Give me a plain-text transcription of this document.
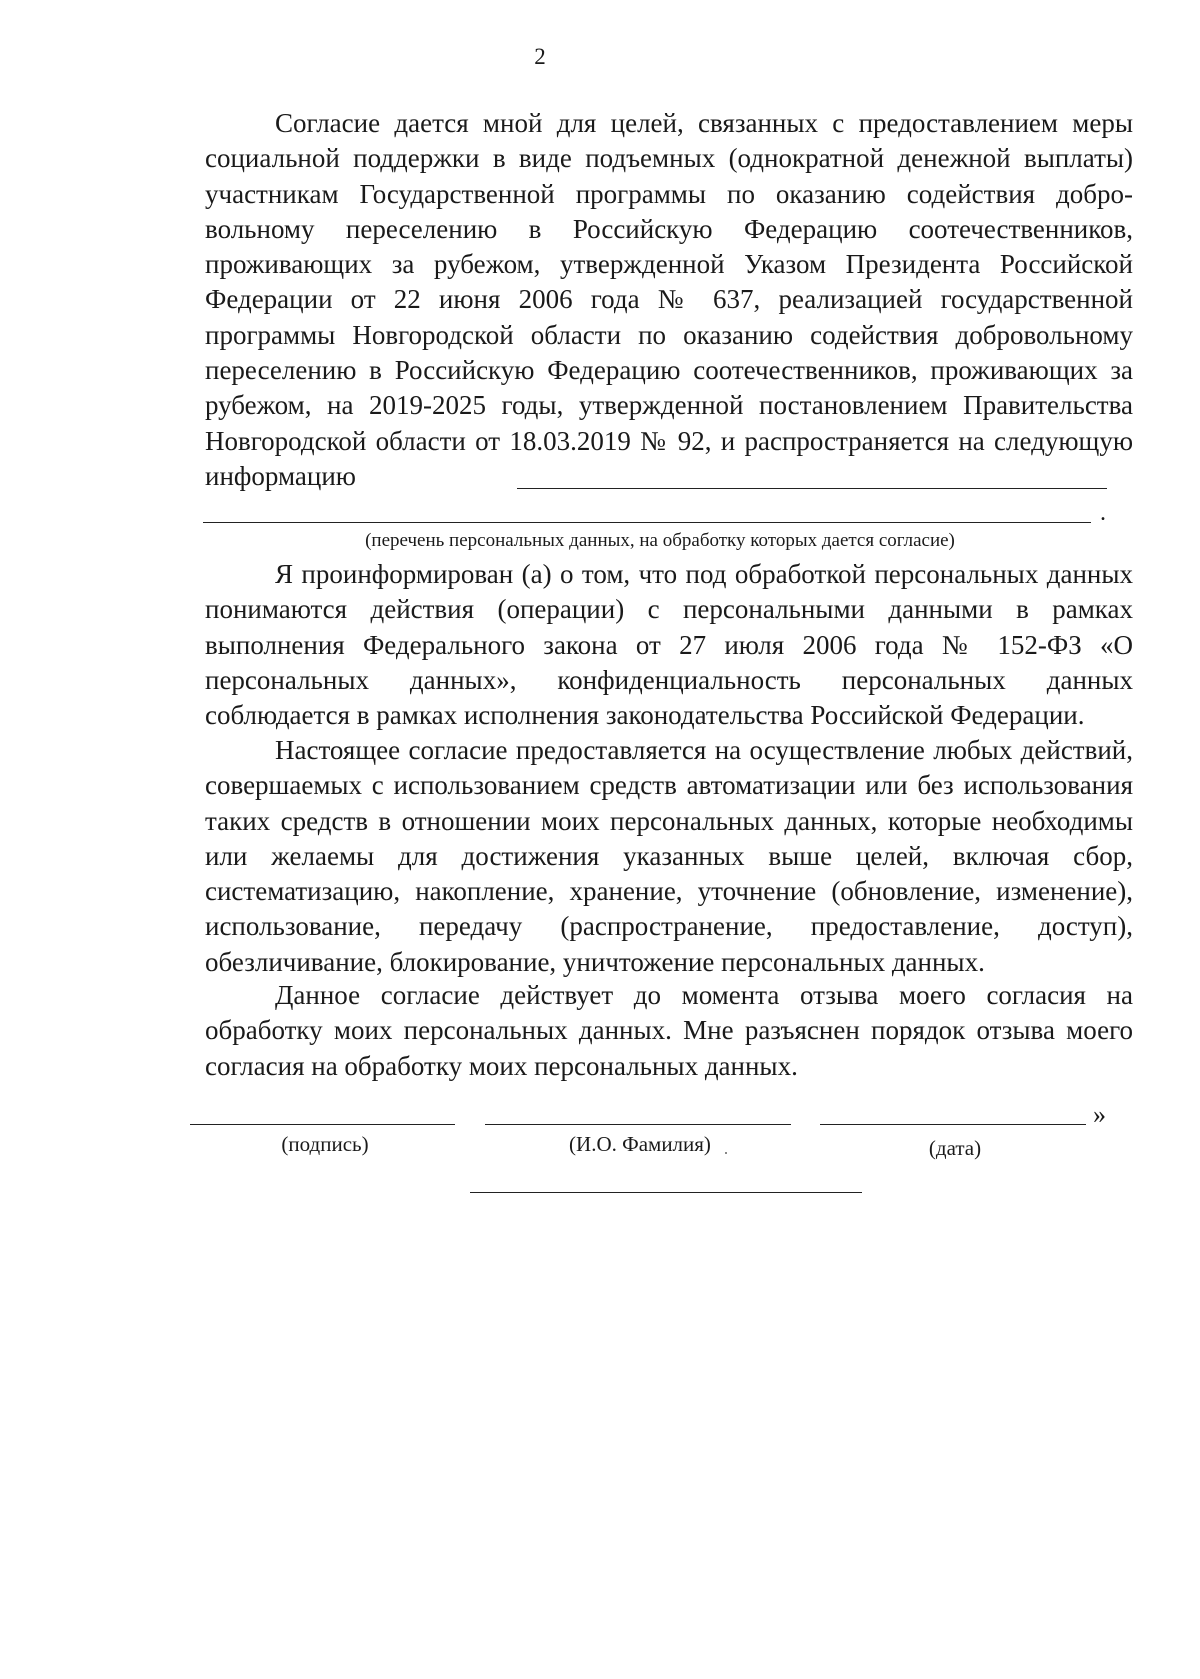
2

Согласие дается мной для целей, связанных с предоставлением меры социальной поддержки в виде подъемных (однократной денежной выплаты) участникам Государственной программы по оказанию содействия добровольному переселению в Российскую Федерацию соотечественников, проживающих за рубежом, утвержденной Указом Президента Российской Федерации от 22 июня 2006 года № 637, реализацией государственной программы Новгородской области по оказанию содействия добровольному переселению в Российскую Федерацию соотечественников, проживающих за рубежом, на 2019-2025 годы, утвержденной постановлением Правительства Новгородской области от 18.03.2019 № 92, и распространяется на следующую информацию

.
(перечень персональных данных, на обработку которых дается согласие)

Я проинформирован (а) о том, что под обработкой персональных данных понимаются действия (операции) с персональными данными в рамках выполнения Федерального закона от 27 июля 2006 года № 152-ФЗ «О персональных данных», конфиденциальность персональных данных соблюдается в рамках исполнения законодательства Российской Федерации.

Настоящее согласие предоставляется на осуществление любых действий, совершаемых с использованием средств автоматизации или без использования таких средств в отношении моих персональных данных, которые необходимы или желаемы для достижения указанных выше целей, включая сбор, систематизацию, накопление, хранение, уточнение (обновление, изменение), использование, передачу (распространение, предоставление, доступ), обезличивание, блокирование, уничтожение персональных данных.

Данное согласие действует до момента отзыва моего согласия на обработку моих персональных данных. Мне разъяснен порядок отзыва моего согласия на обработку моих персональных данных.

»
(подпись)	(И.О. Фамилия)	(дата)
